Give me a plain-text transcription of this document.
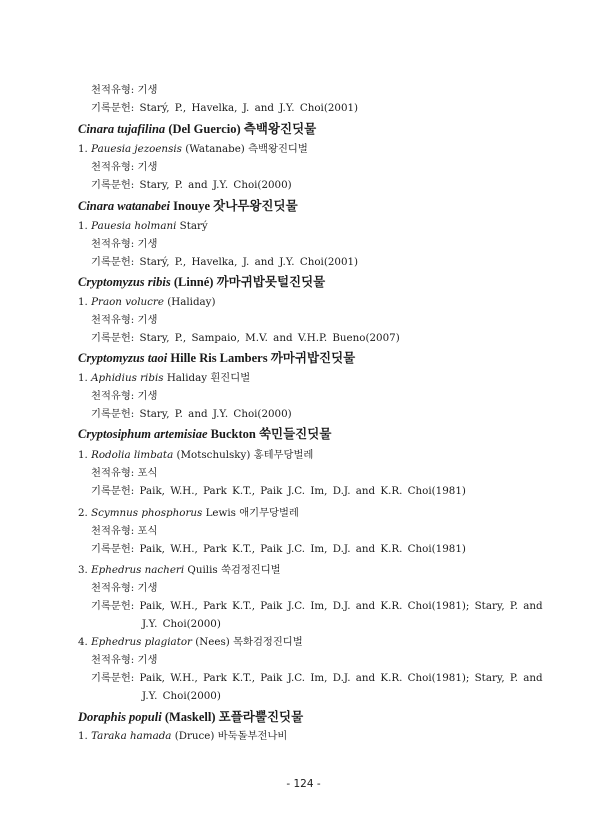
천적유형: 기생
기록문헌: Starý, P., Havelka, J. and J.Y. Choi(2001)
Cinara tujafilina (Del Guercio) 측백왕진딧물
1. Pauesia jezoensis (Watanabe) 측백왕진디벌
천적유형: 기생
기록문헌: Stary, P. and J.Y. Choi(2000)
Cinara watanabei Inouye 잣나무왕진딧물
1. Pauesia holmani Starý
천적유형: 기생
기록문헌: Starý, P., Havelka, J. and J.Y. Choi(2001)
Cryptomyzus ribis (Linné) 까마귀밥못털진딧물
1. Praon volucre (Haliday)
천적유형: 기생
기록문헌: Stary, P., Sampaio, M.V. and V.H.P. Bueno(2007)
Cryptomyzus taoi Hille Ris Lambers 까마귀밥진딧물
1. Aphidius ribis Haliday 흰진디벌
천적유형: 기생
기록문헌: Stary, P. and J.Y. Choi(2000)
Cryptosiphum artemisiae Buckton 쑥민들진딧물
1. Rodolia limbata (Motschulsky) 홍테무당벌레
천적유형: 포식
기록문헌: Paik, W.H., Park K.T., Paik J.C. Im, D.J. and K.R. Choi(1981)
2. Scymnus phosphorus Lewis 애기무당벌레
천적유형: 포식
기록문헌: Paik, W.H., Park K.T., Paik J.C. Im, D.J. and K.R. Choi(1981)
3. Ephedrus nacheri Quilis 쑥검정진디벌
천적유형: 기생
기록문헌: Paik, W.H., Park K.T., Paik J.C. Im, D.J. and K.R. Choi(1981); Stary, P. and
J.Y. Choi(2000)
4. Ephedrus plagiator (Nees) 목화검정진디벌
천적유형: 기생
기록문헌: Paik, W.H., Park K.T., Paik J.C. Im, D.J. and K.R. Choi(1981); Stary, P. and
J.Y. Choi(2000)
Doraphis populi (Maskell) 포플라뿔진딧물
1. Taraka hamada (Druce) 바둑돌부전나비
- 124 -
